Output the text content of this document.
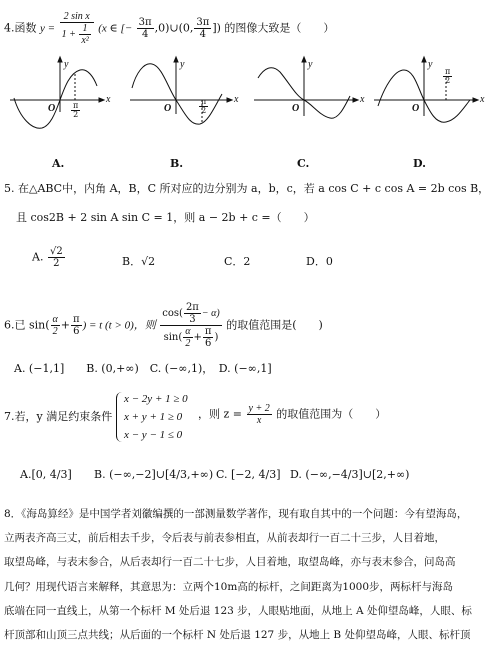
4.函数 $y = \frac{\text{2 sin x}}{1 + \frac{1}{\text{x²}}} (x$ ∈ [− $\frac{3\pi}{4}$ ,0)∪(0, $\frac{3\pi}{4}$ ]) 的图像大致是（　　）
x
y
O $\frac{\pi}{2}$
x
y
O	$\frac{\pi}{2}$	x
y
O
x
y
O
$\frac{\pi}{2}$
A.	B.	C.	D.
5. 在△ABC中，内角 A，B，C 所对应的边分别为 a，b，c，若 a cos C + c cos A = 2b cos B，
且 cos2B + 2 sin A sin C = 1，则 a − 2b + c =（　　）
A. $\frac{√2}{2}$	B．√2	C．2	D．0
6.已 $\sin( \frac{\alpha}{2} + \frac{\pi}{6}$ ) = t (t > 0)，则 $\frac{\cos( \frac{2\pi}{3} - \alpha)}{\sin( \frac{\alpha}{2} + \frac{\pi}{6} )}$ 的取值范围是(　　)
A. (−1,1]　　B. (0,+∞)　C. (−∞,1)，　D. (−∞,1]
7.若，y 满足约束条件
x − 2y + 1 ≥ 0
x + y + 1 ≥ 0
x − y − 1 ≤ 0
，则 $z = \frac{y + 2}{x}$ 的取值范围为（　　）
A.[0, 4/3] B. (−∞,−2]∪[4/3,+∞) C. [−2, 4/3] D. (−∞,−4/3]∪[2,+∞)
8．《海岛算经》是中国学者刘徽编撰的一部测量数学著作，现有取自其中的一个问题：今有望海岛，
立两表齐高三丈，前后相去千步，令后表与前表参相直，从前表却行一百二十三步，人目着地，
取望岛峰，与表末参合，从后表却行一百二十七步，人目着地，取望岛峰，亦与表末参合，问岛高
几何？用现代语言来解释，其意思为：立两个10m高的标杆，之间距离为1000步，两标杆与海岛
底端在同一直线上，从第一个标杆 M 处后退 123 步，人眼贴地面，从地上 A 处仰望岛峰，人眼、标
杆顶部和山顶三点共线；从后面的一个标杆 N 处后退 127 步，从地上 B 处仰望岛峰，人眼、标杆顶
